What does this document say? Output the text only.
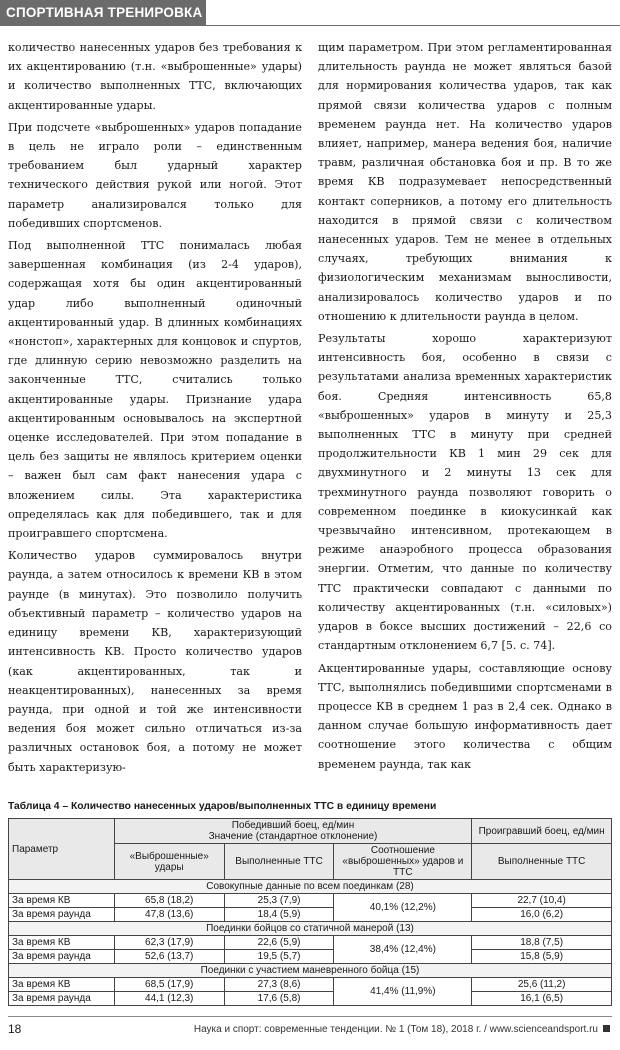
СПОРТИВНАЯ ТРЕНИРОВКА

количество нанесенных ударов без требования к их акцентированию (т.н. «выброшенные» удары) и количество выполненных ТТС, включающих акцентированные удары.

При подсчете «выброшенных» ударов попадание в цель не играло роли – единственным требованием был ударный характер технического действия рукой или ногой. Этот параметр анализировался только для победивших спортсменов.

Под выполненной ТТС понималась любая завершенная комбинация (из 2-4 ударов), содержащая хотя бы один акцентированный удар либо выполненный одиночный акцентированный удар. В длинных комбинациях «нонстоп», характерных для концовок и спуртов, где длинную серию невозможно разделить на законченные ТТС, считались только акцентированные удары. Признание удара акцентированным основывалось на экспертной оценке исследователей. При этом попадание в цель без защиты не являлось критерием оценки – важен был сам факт нанесения удара с вложением силы. Эта характеристика определялась как для победившего, так и для проигравшего спортсмена.

Количество ударов суммировалось внутри раунда, а затем относилось к времени КВ в этом раунде (в минутах). Это позволило получить объективный параметр – количество ударов на единицу времени КВ, характеризующий интенсивность КВ. Просто количество ударов (как акцентированных, так и неакцентированных), нанесенных за время раунда, при одной и той же интенсивности ведения боя может сильно отличаться из-за различных остановок боя, а потому не может быть характеризую-

щим параметром. При этом регламентированная длительность раунда не может являться базой для нормирования количества ударов, так как прямой связи количества ударов с полным временем раунда нет. На количество ударов влияет, например, манера ведения боя, наличие травм, различная обстановка боя и пр. В то же время КВ подразумевает непосредственный контакт соперников, а потому его длительность находится в прямой связи с количеством нанесенных ударов. Тем не менее в отдельных случаях, требующих внимания к физиологическим механизмам выносливости, анализировалось количество ударов и по отношению к длительности раунда в целом.

Результаты хорошо характеризуют интенсивность боя, особенно в связи с результатами анализа временных характеристик боя. Средняя интенсивность 65,8 «выброшенных» ударов в минуту и 25,3 выполненных ТТС в минуту при средней продолжительности КВ 1 мин 29 сек для двухминутного и 2 минуты 13 сек для трехминутного раунда позволяют говорить о современном поединке в киокусинкай как чрезвычайно интенсивном, протекающем в режиме анаэробного процесса образования энергии. Отметим, что данные по количеству ТТС практически совпадают с данными по количеству акцентированных (т.н. «силовых») ударов в боксе высших достижений – 22,6 со стандартным отклонением 6,7 [5. с. 74].

Акцентированные удары, составляющие основу ТТС, выполнялись победившими спортсменами в процессе КВ в среднем 1 раз в 2,4 сек. Однако в данном случае большую информативность дает соотношение этого количества с общим временем раунда, так как

Таблица 4 – Количество нанесенных ударов/выполненных ТТС в единицу времени
Параметр	Победивший боец, ед/мин
Значение (стандартное отклонение)			Проигравший боец, ед/мин
	«Выброшенные» удары	Выполненные ТТС	Соотношение «выброшенных» ударов и ТТС	
				Выполненные ТТС
Совокупные данные по всем поединкам (28)				
За время КВ	65,8 (18,2)	25,3 (7,9)	40,1% (12,2%)	22,7 (10,4)
За время раунда	47,8 (13,6)	18,4 (5,9)		16,0 (6,2)
Поединки бойцов со статичной манерой (13)				
За время КВ	62,3 (17,9)	22,6 (5,9)	38,4% (12,4%)	18,8 (7,5)
За время раунда	52,6 (13,7)	19,5 (5,7)		15,8 (5,9)
Поединки с участием маневренного бойца (15)				
За время КВ	68,5 (17,9)	27,3 (8,6)	41,4% (11,9%)	25,6 (11,2)
За время раунда	44,1 (12,3)	17,6 (5,8)		16,1 (6,5)
18	Наука и спорт: современные тенденции. № 1 (Том 18), 2018 г. / www.scienceandsport.ru
